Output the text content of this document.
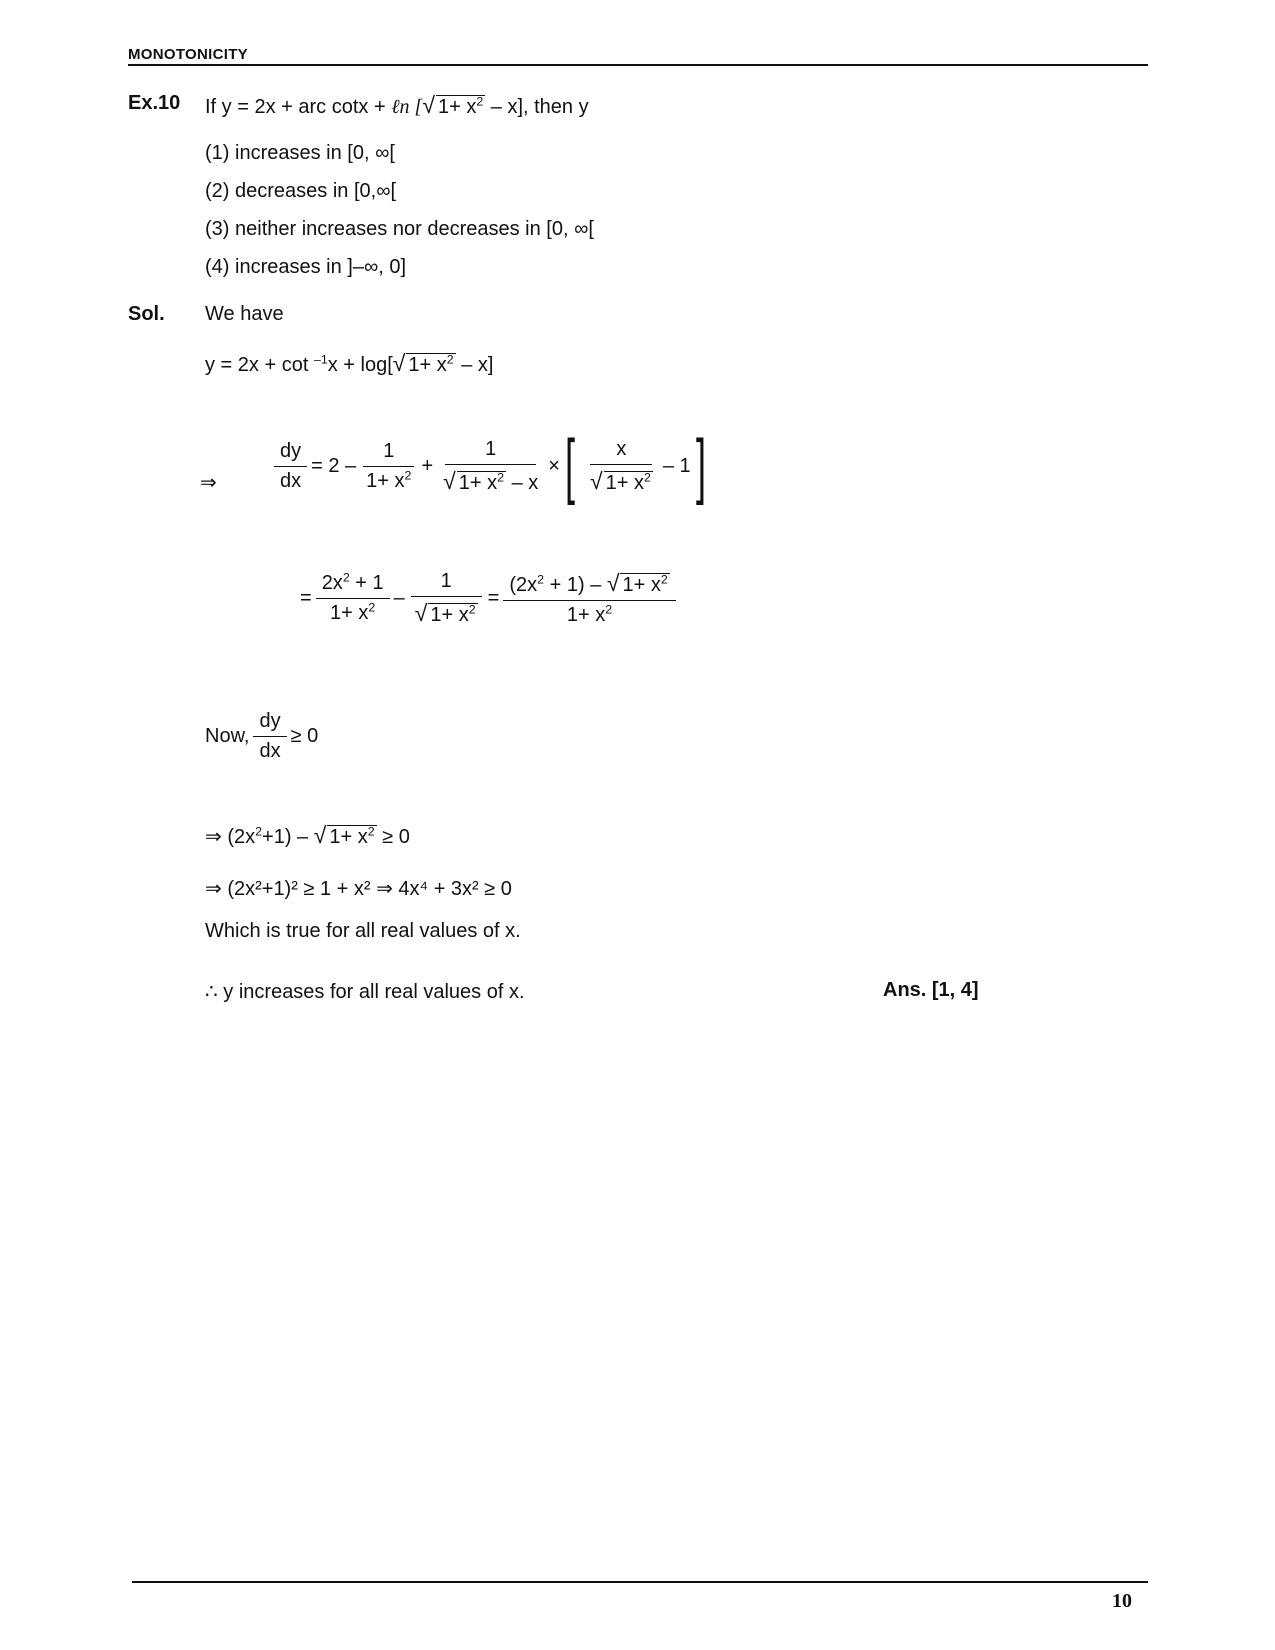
MONOTONICITY
Ex.10 If y = 2x + arc cotx + ℓn [√ $1+ x^2 - x$], then y
(1) increases in [0, ∞[
(2) decreases in [0,∞[
(3) neither increases nor decreases in [0, ∞[
(4) increases in ]–∞, 0]
Sol. We have
y = 2x + cot $^{-1}$x + log[√ $1+ x^2 - x$]
⇒	$\frac{dy}{dx} = 2 - \frac{1}{1+ x^2} + \frac{1}{√ 1+ x^2 - x}$ × [ $\frac{x}{√ 1+ x^2} - 1$ ]
= $\frac{2x^2 + 1}{1+ x^2} - \frac{1}{√ 1+ x^2} = \frac{(2x^2 + 1) - √ 1+ x^2}{1+ x^2}$
Now, $\frac{dy}{dx} \ge 0$
⇒ $(2x^2+1)$ – √ $1+ x^2 \ge 0$
⇒ (2x²+1)² ≥ 1 + x² ⇒ 4x⁴ + 3x² ≥ 0
Which is true for all real values of x.
∴ y increases for all real values of x.	Ans. [1, 4]
10
